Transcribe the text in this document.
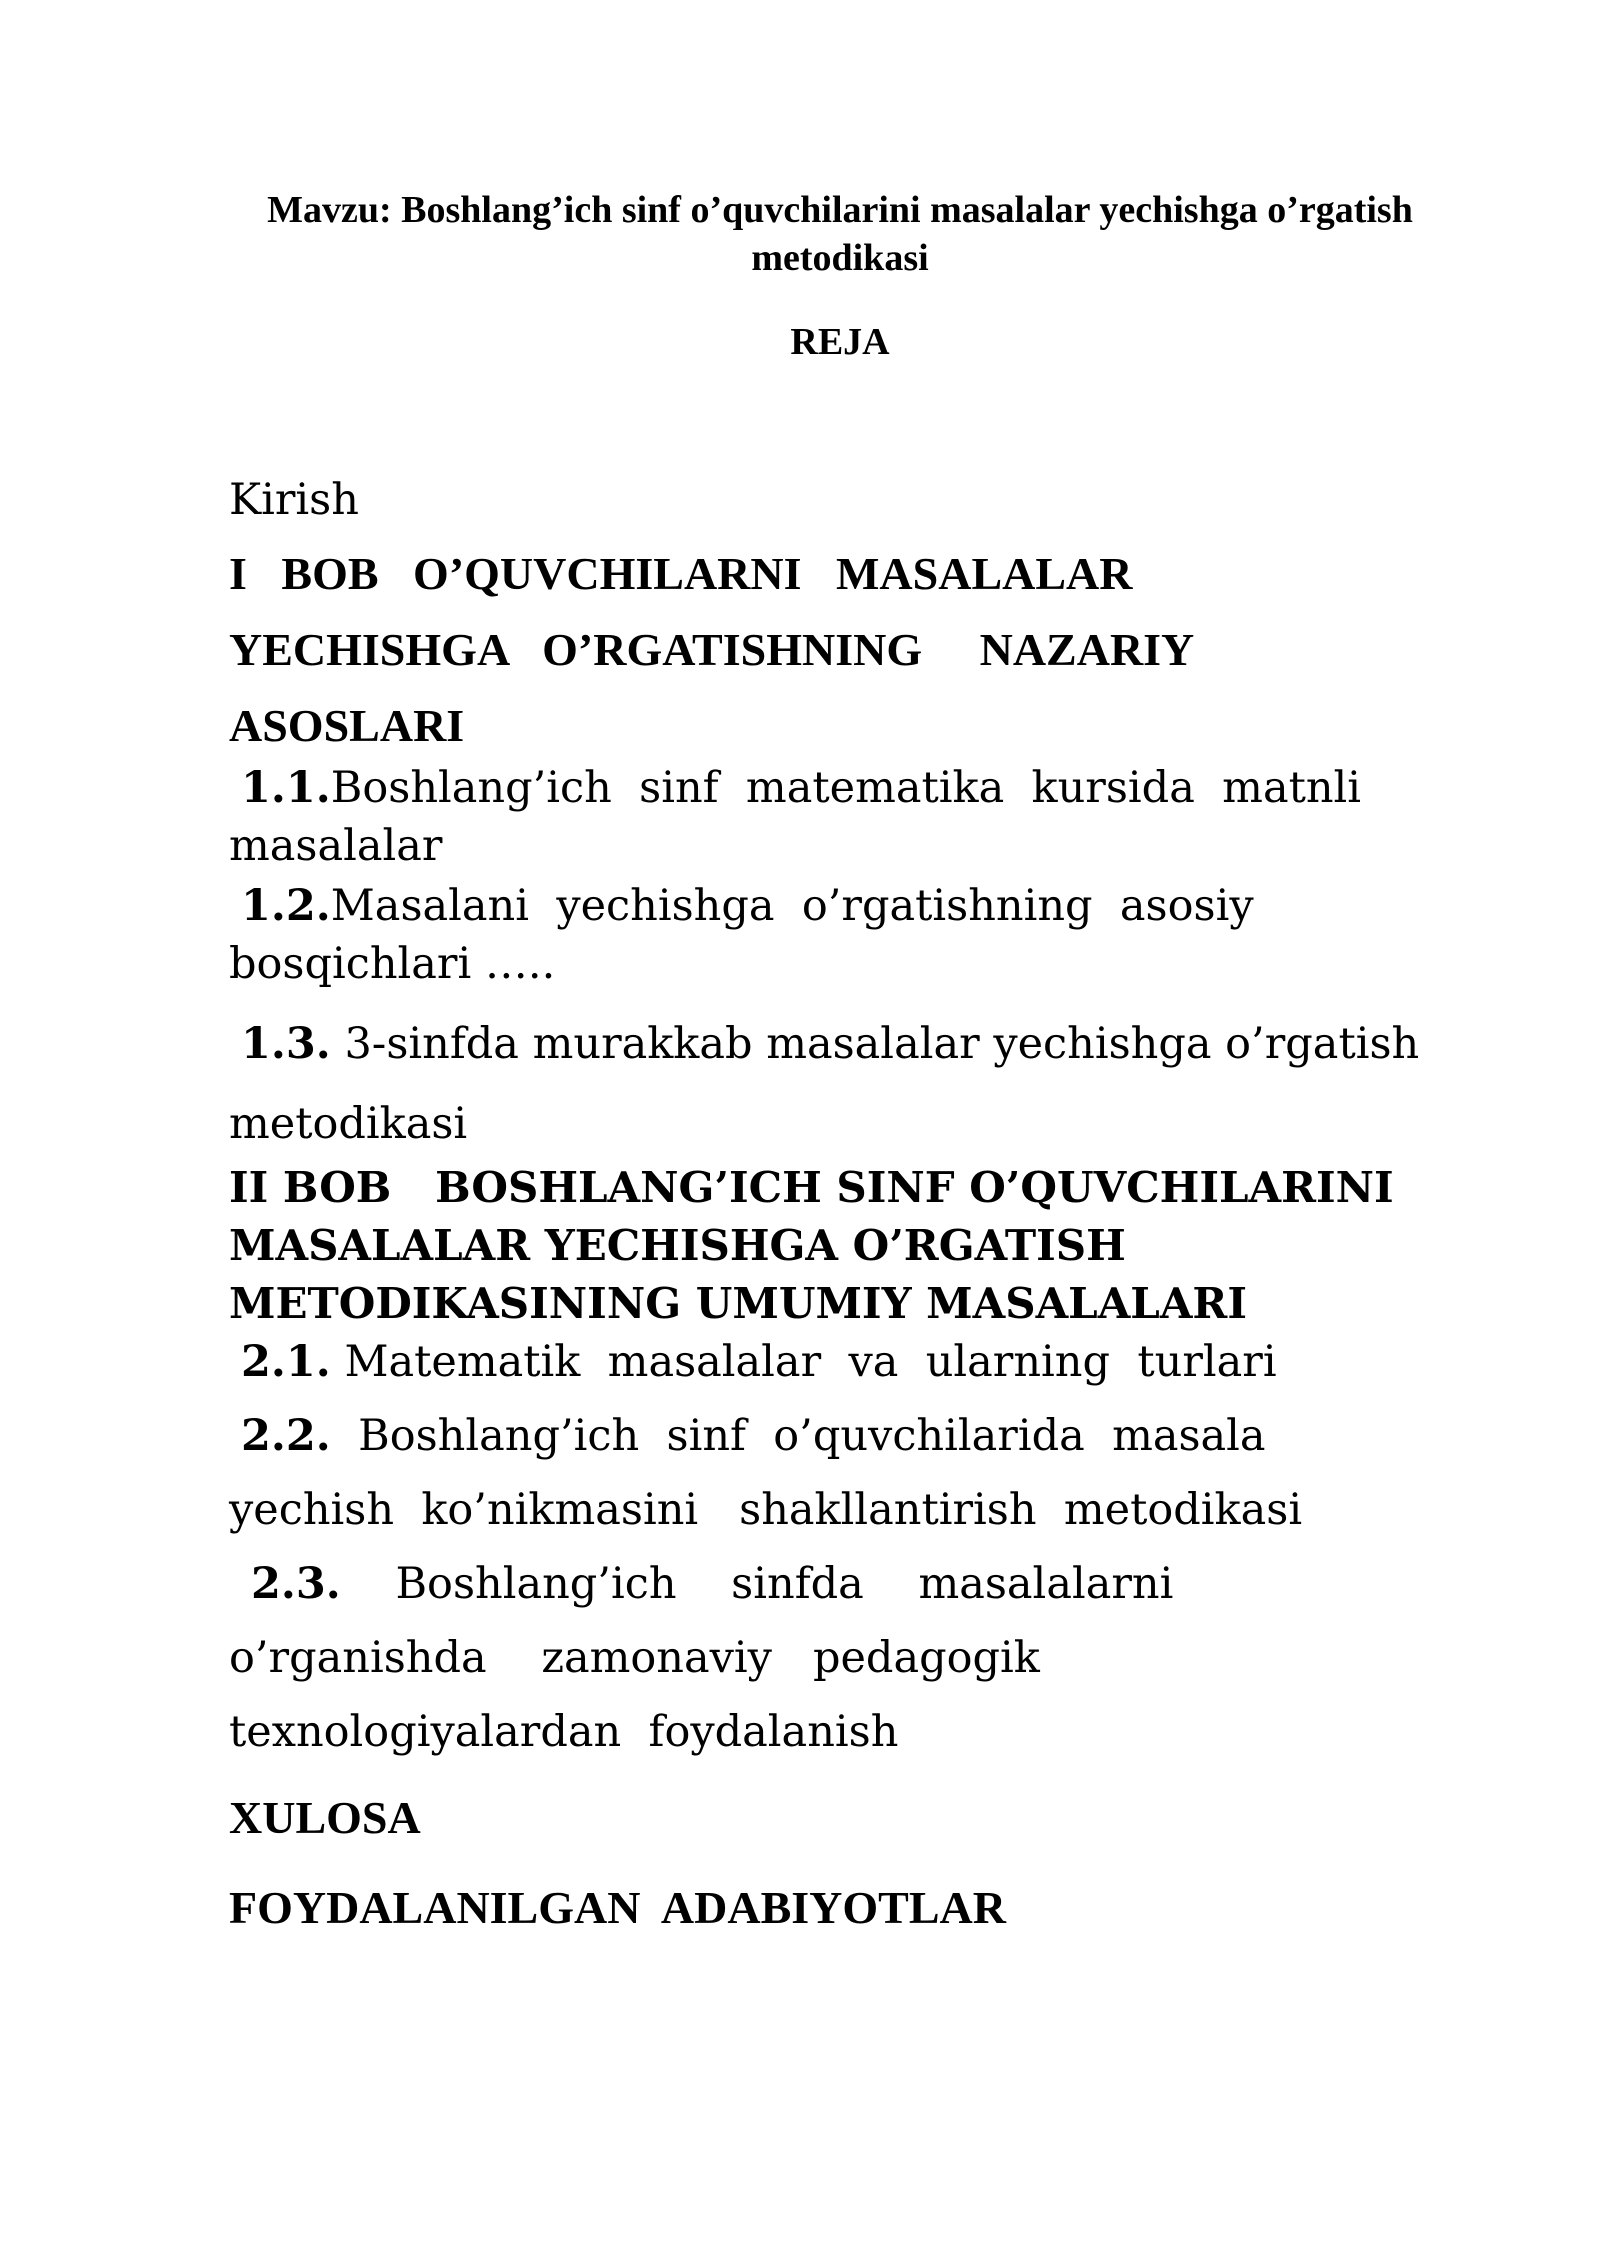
Mavzu: Boshlang’ich sinf o’quvchilarini masalalar yechishga o’rgatish metodikasi
REJA
Kirish
I   BOB   O’QUVCHILARNI   MASALALAR
YECHISHGA   O’RGATISHNING     NAZARIY
ASOSLARI
1.1.Boshlang’ich  sinf  matematika  kursida  matnli
masalalar
1.2.Masalani  yechishga  o’rgatishning  asosiy
bosqichlari …..
1.3. 3-sinfda murakkab masalalar yechishga o’rgatish
metodikasi
II BOB   BOSHLANG’ICH SINF O’QUVCHILARINI
MASALALAR YECHISHGA O’RGATISH
METODIKASINING UMUMIY MASALALARI
2.1. Matematik  masalalar  va  ularning  turlari
2.2.  Boshlang’ich  sinf  o’quvchilarida  masala
yechish  ko’nikmasini   shakllantirish  metodikasi
2.3.    Boshlang’ich    sinfda    masalalarni
o’rganishda    zamonaviy   pedagogik
texnologiyalardan  foydalanish
XULOSA
FOYDALANILGAN  ADABIYOTLAR
